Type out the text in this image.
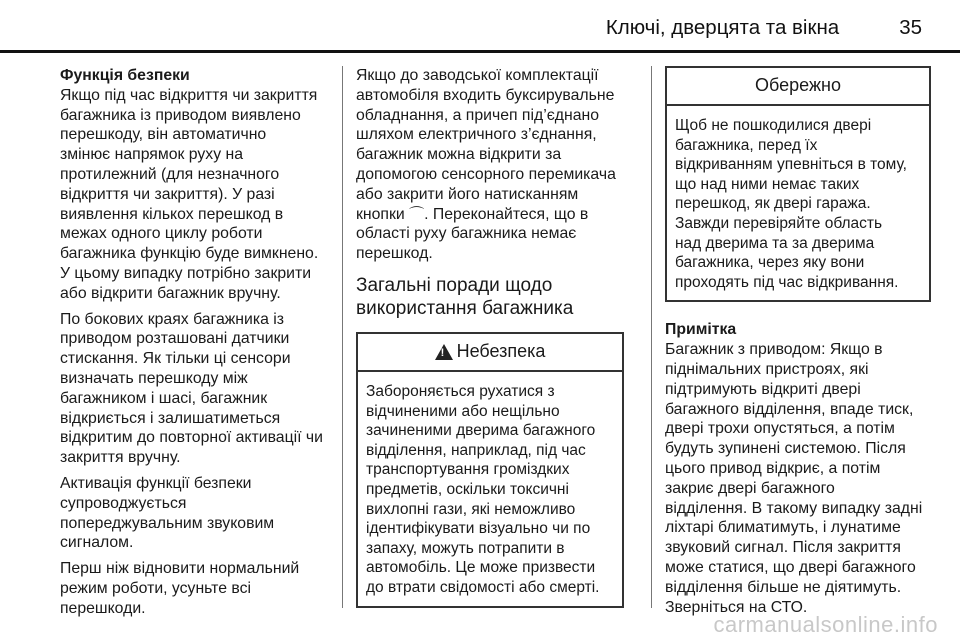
Ключі, дверцята та вікна	35
Функція безпеки
Якщо під час відкриття чи закриття
багажника із приводом виявлено
перешкоду, він автоматично
змінює напрямок руху на
протилежний (для незначного
відкриття чи закриття). У разі
виявлення кількох перешкод в
межах одного циклу роботи
багажника функцію буде вимкнено.
У цьому випадку потрібно закрити
або відкрити багажник вручну.
По бокових краях багажника із
приводом розташовані датчики
стискання. Як тільки ці сенсори
визначать перешкоду між
багажником і шасі, багажник
відкриється і залишатиметься
відкритим до повторної активації чи
закриття вручну.
Активація функції безпеки
супроводжується
попереджувальним звуковим
сигналом.
Перш ніж відновити нормальний
режим роботи, усуньте всі
перешкоди.
Якщо до заводської комплектації
автомобіля входить буксирувальне
обладнання, а причеп під’єднано
шляхом електричного з’єднання,
багажник можна відкрити за
допомогою сенсорного перемикача
або закрити його натисканням
кнопки ⌒. Переконайтеся, що в
області руху багажника немає
перешкод.
Загальні поради щодо
використання багажника
!
Небезпека
Забороняється рухатися з
відчиненими або нещільно
зачиненими дверима багажного
відділення, наприклад, під час
транспортування громіздких
предметів, оскільки токсичні
вихлопні гази, які неможливо
ідентифікувати візуально чи по
запаху, можуть потрапити в
автомобіль. Це може призвести
до втрати свідомості або смерті.
Обережно
Щоб не пошкодилися двері
багажника, перед їх
відкриванням упевніться в тому,
що над ними немає таких
перешкод, як двері гаража.
Завжди перевіряйте область
над дверима та за дверима
багажника, через яку вони
проходять під час відкривання.
Примітка
Багажник з приводом: Якщо в
піднімальних пристроях, які
підтримують відкриті двері
багажного відділення, впаде тиск,
двері трохи опустяться, а потім
будуть зупинені системою. Після
цього привод відкриє, а потім
закриє двері багажного
відділення. В такому випадку задні
ліхтарі блиматимуть, і лунатиме
звуковий сигнал. Після закриття
може статися, що двері багажного
відділення більше не діятимуть.
Зверніться на СТО.
carmanualsonline.info
